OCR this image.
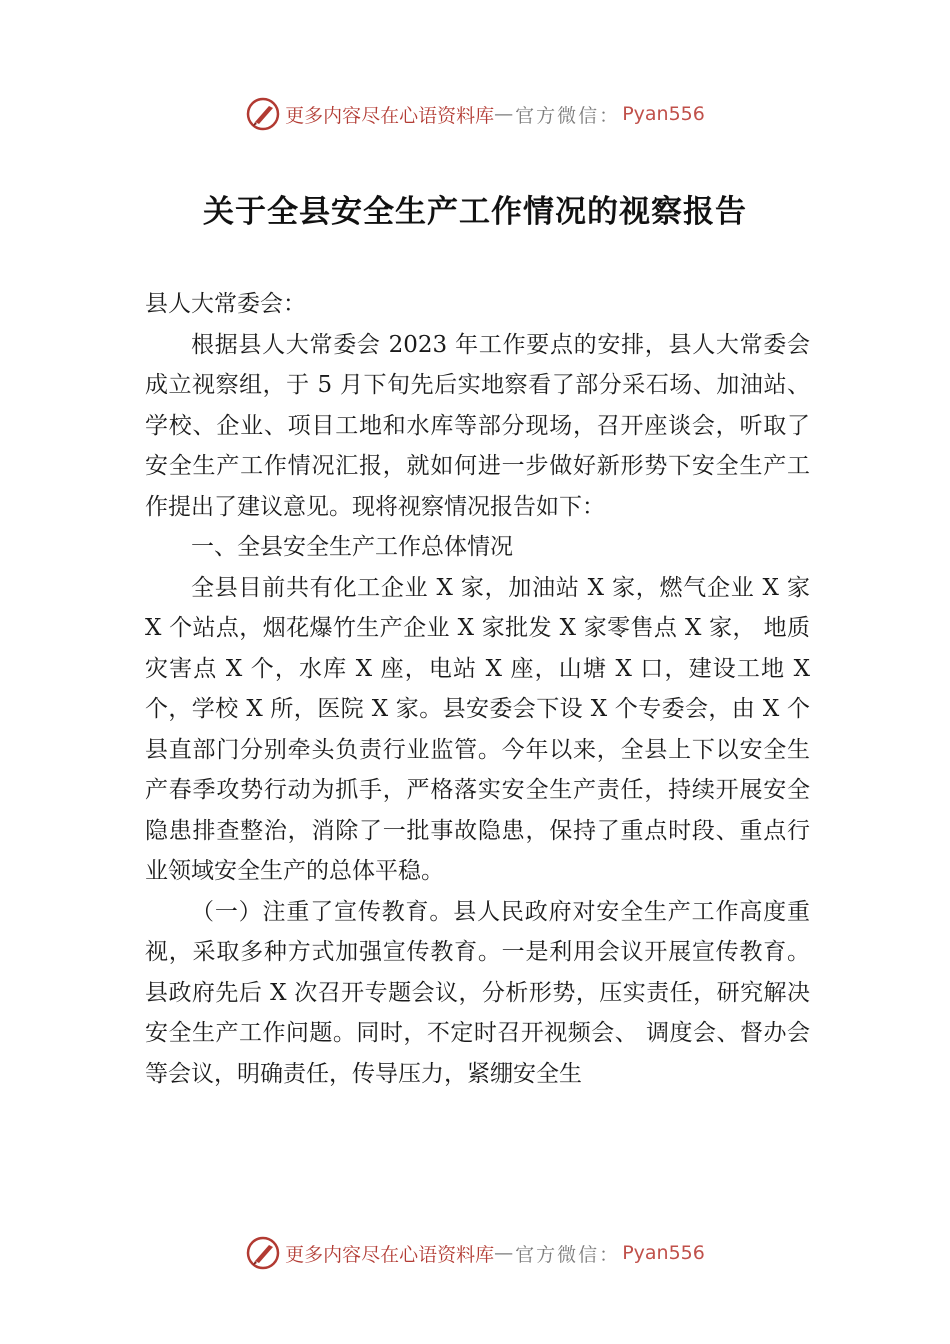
更多内容尽在心语资料库 — 官方微信： Pyan556
关于全县安全生产工作情况的视察报告

县人大常委会：

根据县人大常委会 2023 年工作要点的安排，县人大常委会成立视察组，于 5 月下旬先后实地察看了部分采石场、加油站、学校、企业、项目工地和水库等部分现场，召开座谈会，听取了安全生产工作情况汇报，就如何进一步做好新形势下安全生产工作提出了建议意见。现将视察情况报告如下：

一、全县安全生产工作总体情况

全县目前共有化工企业 X 家，加油站 X 家，燃气企业 X 家 X 个站点，烟花爆竹生产企业 X 家批发 X 家零售点 X 家， 地质灾害点 X 个，水库 X 座，电站 X 座，山塘 X 口，建设工地 X 个，学校 X 所，医院 X 家。县安委会下设 X 个专委会，由 X 个县直部门分别牵头负责行业监管。今年以来，全县上下以安全生产春季攻势行动为抓手，严格落实安全生产责任，持续开展安全隐患排查整治，消除了一批事故隐患，保持了重点时段、重点行业领域安全生产的总体平稳。

（一）注重了宣传教育。县人民政府对安全生产工作高度重视，采取多种方式加强宣传教育。一是利用会议开展宣传教育。县政府先后 X 次召开专题会议，分析形势，压实责任，研究解决安全生产工作问题。同时，不定时召开视频会、 调度会、督办会等会议，明确责任，传导压力，紧绷安全生

更多内容尽在心语资料库 — 官方微信： Pyan556
